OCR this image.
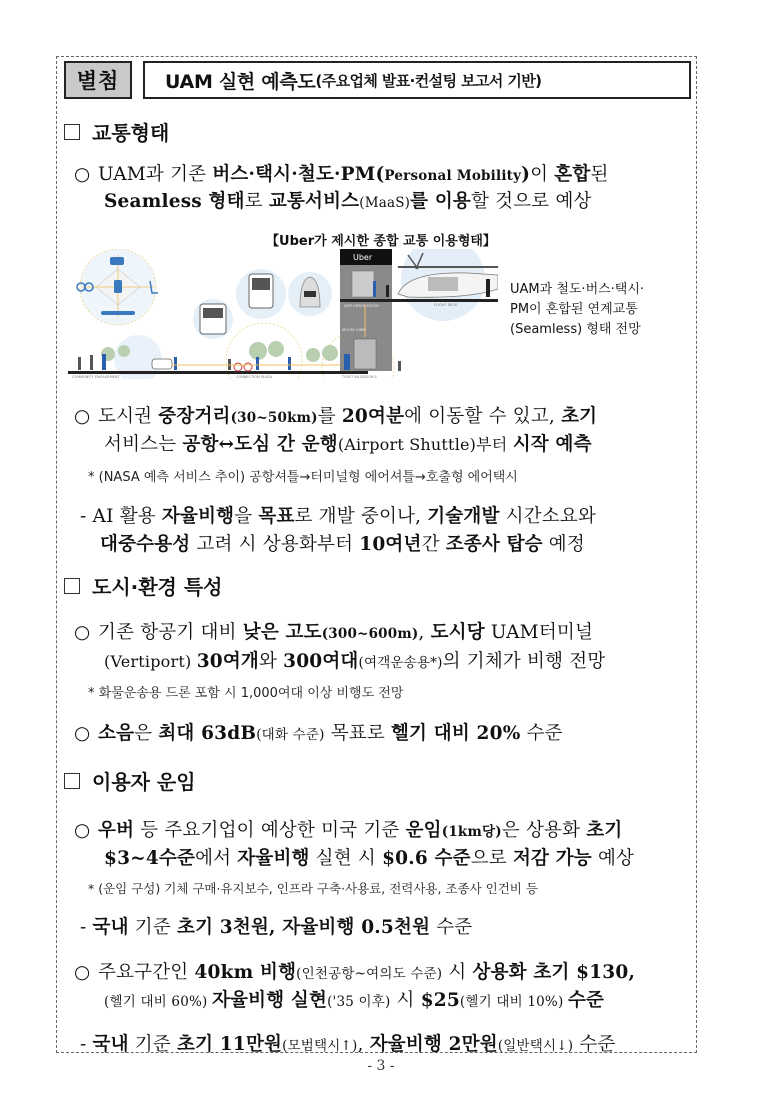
별첨 UAM 실현 예측도 (주요업체 발표·컨설팅 보고서 기반)
교통형태
○ UAM과 기존 버스·택시·철도·PM(Personal Mobility)이 혼합된
Seamless 형태로 교통서비스(MaaS)를 이용할 것으로 예상
【Uber가 제시한 종합 교통 이용형태】
Uber
COMMUNITY ENGAGEMENT	CONNECTION PLAZA	TICKET VALIDATION &
GATE IDENTIFICATION
SECURE LOBBY
FLIGHT DECK
UAM과 철도·버스·택시·
PM이 혼합된 연계교통
(Seamless) 형태 전망
○ 도시권 중장거리(30~50km)를 20여분에 이동할 수 있고, 초기
서비스는 공항↔도심 간 운행(Airport Shuttle)부터 시작 예측
* (NASA 예측 서비스 추이) 공항셔틀→터미널형 에어셔틀→호출형 에어택시
- AI 활용 자율비행을 목표로 개발 중이나, 기술개발 시간소요와
대중수용성 고려 시 상용화부터 10여년간 조종사 탑승 예정
도시·환경 특성
○ 기존 항공기 대비 낮은 고도(300~600m), 도시당 UAM터미널
(Vertiport) 30여개와 300여대(여객운송용*)의 기체가 비행 전망
* 화물운송용 드론 포함 시 1,000여대 이상 비행도 전망
○ 소음은 최대 63dB(대화 수준) 목표로 헬기 대비 20% 수준
이용자 운임
○ 우버 등 주요기업이 예상한 미국 기준 운임(1km당)은 상용화 초기
$3~4수준에서 자율비행 실현 시 $0.6 수준으로 저감 가능 예상
* (운임 구성) 기체 구매·유지보수, 인프라 구축·사용료, 전력사용, 조종사 인건비 등
- 국내 기준 초기 3천원, 자율비행 0.5천원 수준
○ 주요구간인 40km 비행(인천공항~여의도 수준) 시 상용화 초기 $130,
(헬기 대비 60%) 자율비행 실현('35 이후) 시 $25(헬기 대비 10%) 수준
- 국내 기준 초기 11만원(모범택시↑), 자율비행 2만원(일반택시↓) 수준
- 3 -
